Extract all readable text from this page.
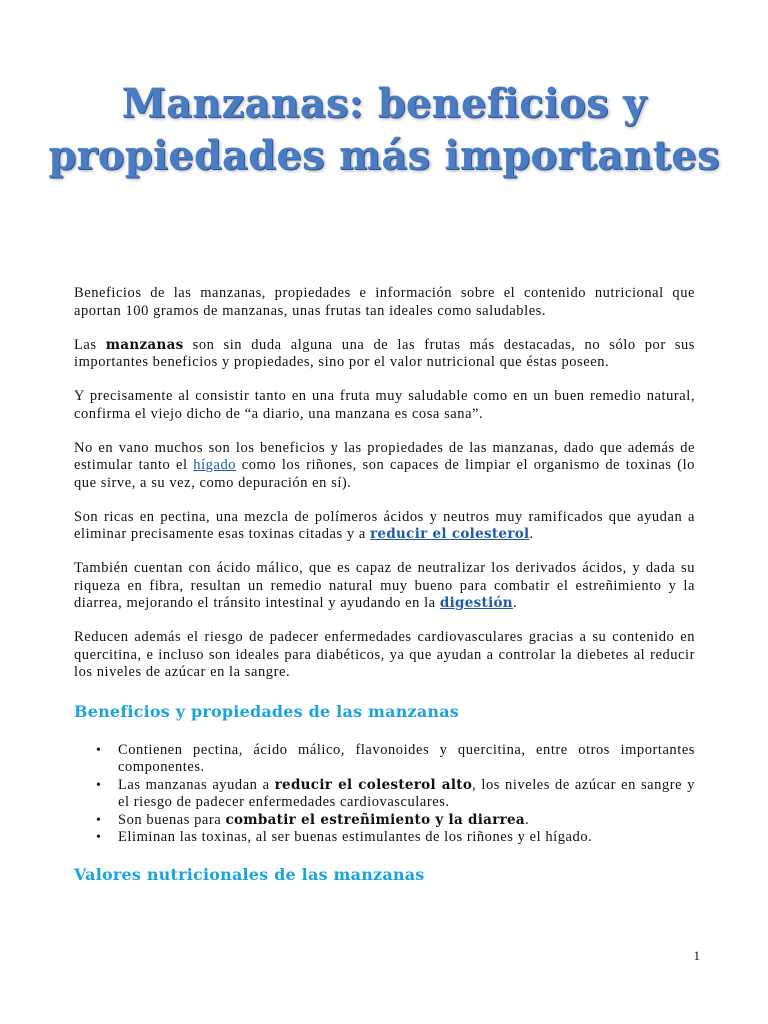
Manzanas: beneficios y
propiedades más importantes

Beneficios de las manzanas, propiedades e información sobre el contenido nutricional que aportan 100 gramos de manzanas, unas frutas tan ideales como saludables.

Las manzanas son sin duda alguna una de las frutas más destacadas, no sólo por sus importantes beneficios y propiedades, sino por el valor nutricional que éstas poseen.

Y precisamente al consistir tanto en una fruta muy saludable como en un buen remedio natural, confirma el viejo dicho de “a diario, una manzana es cosa sana”.

No en vano muchos son los beneficios y las propiedades de las manzanas, dado que además de estimular tanto el hígado como los riñones, son capaces de limpiar el organismo de toxinas (lo que sirve, a su vez, como depuración en sí).

Son ricas en pectina, una mezcla de polímeros ácidos y neutros muy ramificados que ayudan a eliminar precisamente esas toxinas citadas y a reducir el colesterol.

También cuentan con ácido málico, que es capaz de neutralizar los derivados ácidos, y dada su riqueza en fibra, resultan un remedio natural muy bueno para combatir el estreñimiento y la diarrea, mejorando el tránsito intestinal y ayudando en la digestión.

Reducen además el riesgo de padecer enfermedades cardiovasculares gracias a su contenido en quercitina, e incluso son ideales para diabéticos, ya que ayudan a controlar la diebetes al reducir los niveles de azúcar en la sangre.

Beneficios y propiedades de las manzanas
• Contienen pectina, ácido málico, flavonoides y quercitina, entre otros importantes componentes.
• Las manzanas ayudan a reducir el colesterol alto, los niveles de azúcar en sangre y el riesgo de padecer enfermedades cardiovasculares.
• Son buenas para combatir el estreñimiento y la diarrea.
• Eliminan las toxinas, al ser buenas estimulantes de los riñones y el hígado.
Valores nutricionales de las manzanas
1
